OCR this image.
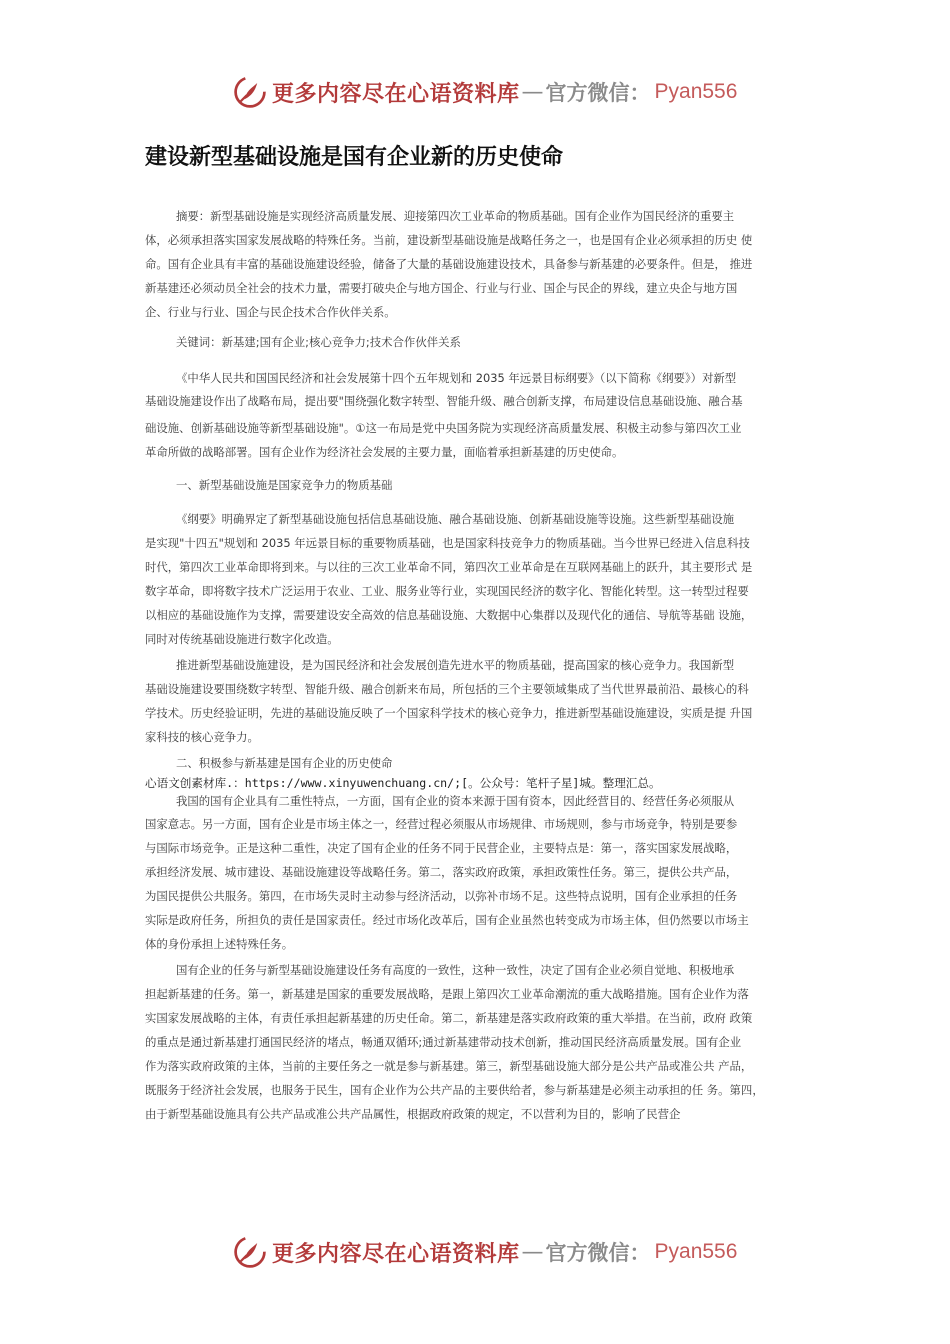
更多内容尽在心语资料库 — 官方微信： Pyan556
建设新型基础设施是国有企业新的历史使命
摘要：新型基础设施是实现经济高质量发展、迎接第四次工业革命的物质基础。国有企业作为国民经济的重要主
体，必须承担落实国家发展战略的特殊任务。当前，建设新型基础设施是战略任务之一，也是国有企业必须承担的历史 使
命。国有企业具有丰富的基础设施建设经验，储备了大量的基础设施建设技术，具备参与新基建的必要条件。但是， 推进
新基建还必须动员全社会的技术力量，需要打破央企与地方国企、行业与行业、国企与民企的界线，建立央企与地方国
企、行业与行业、国企与民企技术合作伙伴关系。

关键词：新基建;国有企业;核心竞争力;技术合作伙伴关系

《中华人民共和国国民经济和社会发展第十四个五年规划和 2035 年远景目标纲要》（以下简称《纲要》）对新型
基础设施建设作出了战略布局，提出要"围绕强化数字转型、智能升级、融合创新支撑，布局建设信息基础设施、融合基
础设施、创新基础设施等新型基础设施"。①这一布局是党中央国务院为实现经济高质量发展、积极主动参与第四次工业
革命所做的战略部署。国有企业作为经济社会发展的主要力量，面临着承担新基建的历史使命。

一、新型基础设施是国家竞争力的物质基础

《纲要》明确界定了新型基础设施包括信息基础设施、融合基础设施、创新基础设施等设施。这些新型基础设施
是实现"十四五"规划和 2035 年远景目标的重要物质基础，也是国家科技竞争力的物质基础。当今世界已经进入信息科技
时代，第四次工业革命即将到来。与以往的三次工业革命不同，第四次工业革命是在互联网基础上的跃升，其主要形式 是
数字革命，即将数字技术广泛运用于农业、工业、服务业等行业，实现国民经济的数字化、智能化转型。这一转型过程要
以相应的基础设施作为支撑，需要建设安全高效的信息基础设施、大数据中心集群以及现代化的通信、导航等基础 设施，
同时对传统基础设施进行数字化改造。
推进新型基础设施建设，是为国民经济和社会发展创造先进水平的物质基础，提高国家的核心竞争力。我国新型
基础设施建设要围绕数字转型、智能升级、融合创新来布局，所包括的三个主要领域集成了当代世界最前沿、最核心的科
学技术。历史经验证明，先进的基础设施反映了一个国家科学技术的核心竞争力，推进新型基础设施建设，实质是提 升国
家科技的核心竞争力。

二、积极参与新基建是国有企业的历史使命

心语文创素材库.：https://www.xinyuwenchuang.cn/;[。公众号：笔杆子星]城。整理汇总。

我国的国有企业具有二重性特点，一方面，国有企业的资本来源于国有资本，因此经营目的、经营任务必须服从
国家意志。另一方面，国有企业是市场主体之一，经营过程必须服从市场规律、市场规则，参与市场竞争，特别是要参
与国际市场竞争。正是这种二重性，决定了国有企业的任务不同于民营企业，主要特点是：第一，落实国家发展战略，
承担经济发展、城市建设、基础设施建设等战略任务。第二，落实政府政策，承担政策性任务。第三，提供公共产品，
为国民提供公共服务。第四，在市场失灵时主动参与经济活动，以弥补市场不足。这些特点说明，国有企业承担的任务
实际是政府任务，所担负的责任是国家责任。经过市场化改革后，国有企业虽然也转变成为市场主体，但仍然要以市场主
体的身份承担上述特殊任务。
国有企业的任务与新型基础设施建设任务有高度的一致性，这种一致性，决定了国有企业必须自觉地、积极地承
担起新基建的任务。第一，新基建是国家的重要发展战略，是跟上第四次工业革命潮流的重大战略措施。国有企业作为落
实国家发展战略的主体，有责任承担起新基建的历史任命。第二，新基建是落实政府政策的重大举措。在当前，政府 政策
的重点是通过新基建打通国民经济的堵点，畅通双循环;通过新基建带动技术创新，推动国民经济高质量发展。国有企业
作为落实政府政策的主体，当前的主要任务之一就是参与新基建。第三，新型基础设施大部分是公共产品或准公共 产品，
既服务于经济社会发展，也服务于民生，国有企业作为公共产品的主要供给者，参与新基建是必须主动承担的任 务。第四，
由于新型基础设施具有公共产品或准公共产品属性，根据政府政策的规定，不以营利为目的，影响了民营企
更多内容尽在心语资料库 — 官方微信： Pyan556
